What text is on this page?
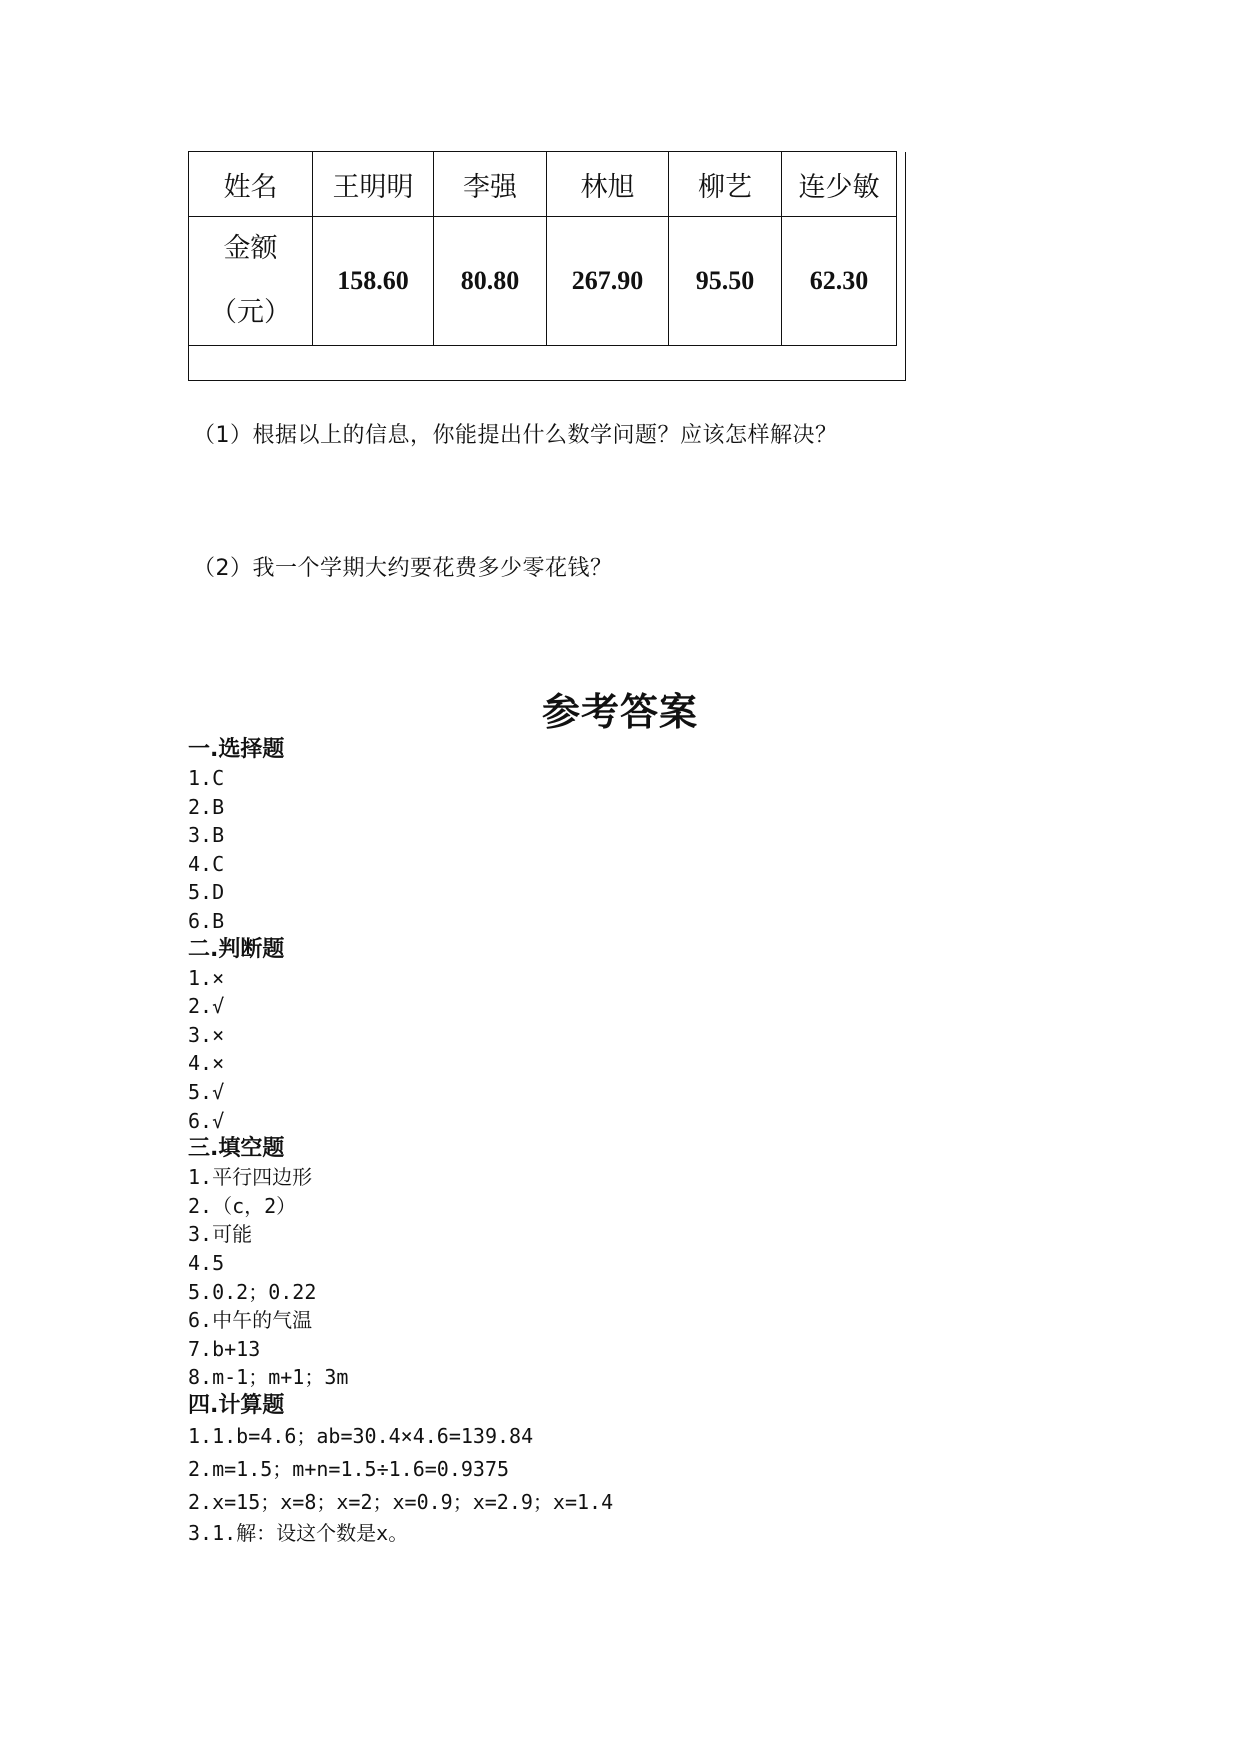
姓名	王明明	李强	林旭	柳艺	连少敏	

金额
（元）	158.60	80.80	267.90	95.50	62.30	

（1）根据以上的信息，你能提出什么数学问题？应该怎样解决？
（2）我一个学期大约要花费多少零花钱？
参考答案
一.选择题
1.C
2.B
3.B
4.C
5.D
6.B
二.判断题
1.×
2.√
3.×
4.×
5.√
6.√
三.填空题
1.平行四边形
2.（c，2）
3.可能
4.5
5.0.2；0.22
6.中午的气温
7.b+13
8.m-1；m+1；3m
四.计算题
1.1.b=4.6；ab=30.4×4.6=139.84
2.m=1.5；m+n=1.5÷1.6=0.9375
2.x=15；x=8；x=2；x=0.9；x=2.9；x=1.4
3.1.解：设这个数是x。
